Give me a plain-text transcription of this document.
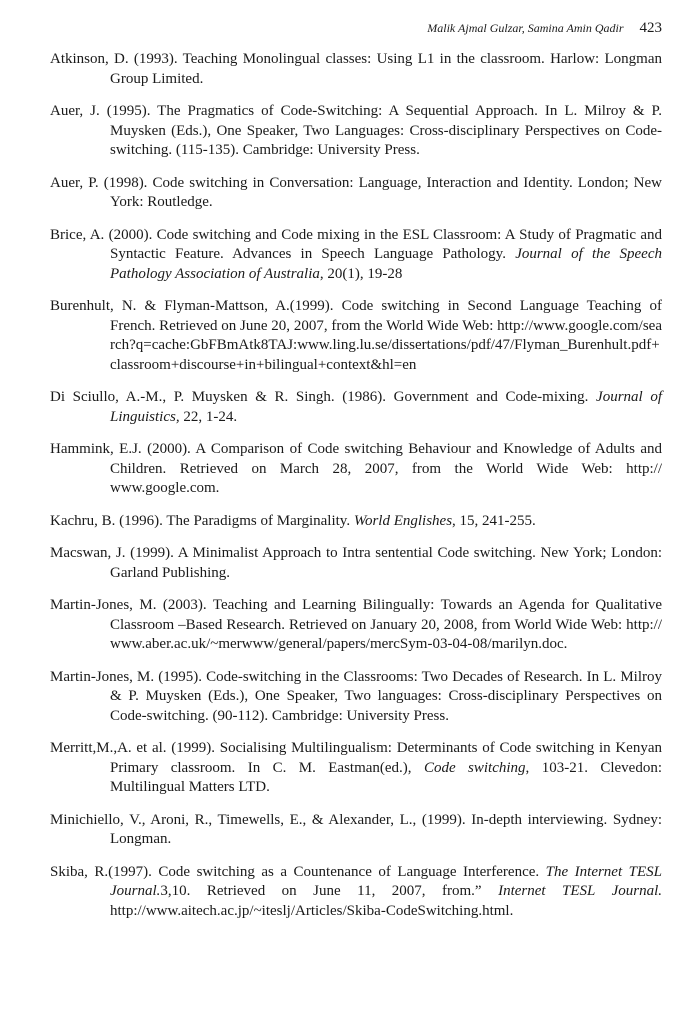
Malik Ajmal Gulzar, Samina Amin Qadir 423

Atkinson, D. (1993). Teaching Monolingual classes: Using L1 in the classroom. Harlow: Longman Group Limited.

Auer, J. (1995). The Pragmatics of Code-Switching: A Sequential Approach. In L. Milroy & P. Muysken (Eds.), One Speaker, Two Languages: Cross-disciplinary Perspectives on Code-switching. (115-135). Cambridge: University Press.

Auer, P. (1998). Code switching in Conversation: Language, Interaction and Identity. London; New York: Routledge.

Brice, A. (2000). Code switching and Code mixing in the ESL Classroom: A Study of Pragmatic and Syntactic Feature. Advances in Speech Language Pathology. Journal of the Speech Pathology Association of Australia, 20(1), 19-28

Burenhult, N. & Flyman-Mattson, A.(1999). Code switching in Second Language Teaching of French. Retrieved on June 20, 2007, from the World Wide Web: http://www.google.com/search?q=cache:GbFBmAtk8TAJ:www.ling.lu.se/dissertations/pdf/47/Flyman_Burenhult.pdf+classroom+discourse+in+bilingual+context&hl=en

Di Sciullo, A.-M., P. Muysken & R. Singh. (1986). Government and Code-mixing. Journal of Linguistics, 22, 1-24.

Hammink, E.J. (2000). A Comparison of Code switching Behaviour and Knowledge of Adults and Children. Retrieved on March 28, 2007, from the World Wide Web: http:// www.google.com.

Kachru, B. (1996). The Paradigms of Marginality. World Englishes, 15, 241-255.

Macswan, J. (1999). A Minimalist Approach to Intra sentential Code switching. New York; London: Garland Publishing.

Martin-Jones, M. (2003). Teaching and Learning Bilingually: Towards an Agenda for Qualitative Classroom –Based Research. Retrieved on January 20, 2008, from World Wide Web: http://www.aber.ac.uk/~merwww/general/papers/mercSym-03-04-08/marilyn.doc.

Martin-Jones, M. (1995). Code-switching in the Classrooms: Two Decades of Research. In L. Milroy & P. Muysken (Eds.), One Speaker, Two languages: Cross-disciplinary Perspectives on Code-switching. (90-112). Cambridge: University Press.

Merritt,M.,A. et al. (1999). Socialising Multilingualism: Determinants of Code switching in Kenyan Primary classroom. In C. M. Eastman(ed.), Code switching, 103-21. Clevedon: Multilingual Matters LTD.

Minichiello, V., Aroni, R., Timewells, E., & Alexander, L., (1999). In-depth interviewing. Sydney: Longman.

Skiba, R.(1997). Code switching as a Countenance of Language Interference. The Internet TESL Journal.3,10. Retrieved on June 11, 2007, from.” Internet TESL Journal. http://www.aitech.ac.jp/~iteslj/Articles/Skiba-CodeSwitching.html.
